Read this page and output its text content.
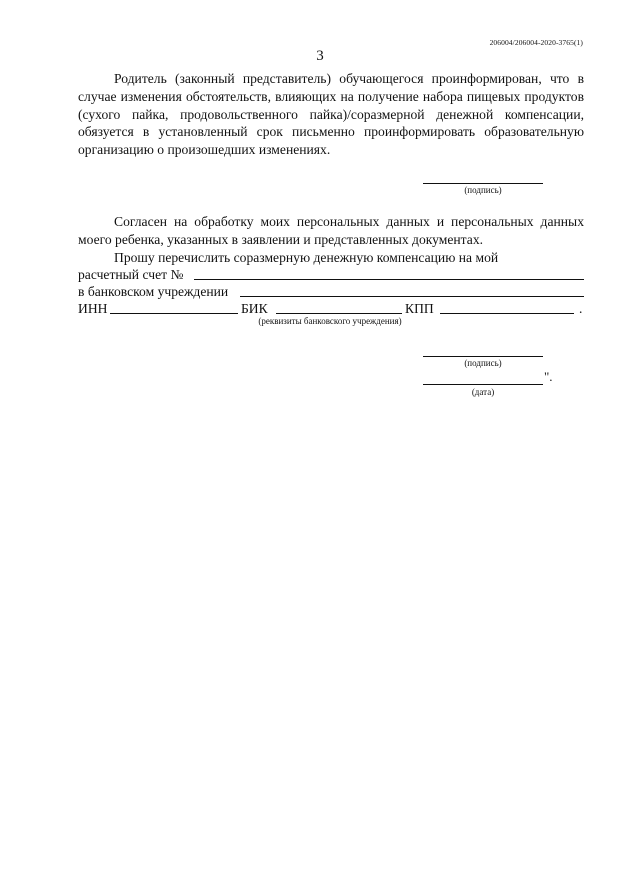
206004/206004-2020-3765(1)
3

Родитель (законный представитель) обучающегося проинформирован, что в случае изменения обстоятельств, влияющих на получение набора пищевых продуктов (сухого пайка, продовольственного пайка)/соразмерной денежной компенсации, обязуется в установленный срок письменно проинформировать образовательную организацию о произошедших изменениях.

(подпись)

Согласен на обработку моих персональных данных и персональных данных моего ребенка, указанных в заявлении и представленных документах.

Прошу перечислить соразмерную денежную компенсацию на мой

расчетный счет №
в банковском учреждении
ИНН	БИК	КПП	.
(реквизиты банковского учреждения)
(подпись)
".
(дата)
